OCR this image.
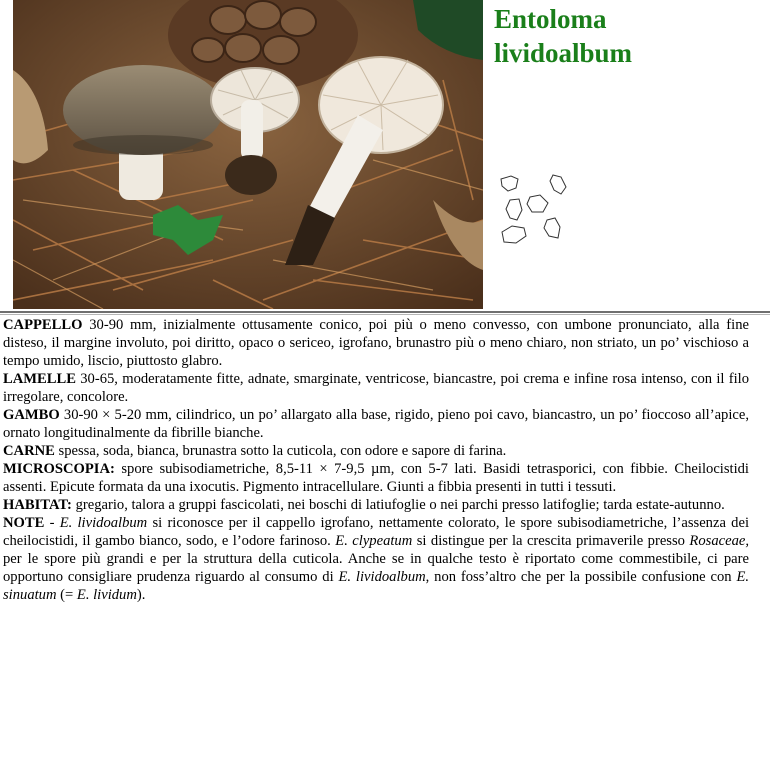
Entoloma
lividoalbum

CAPPELLO 30-90 mm, inizialmente ottusamente conico, poi più o meno convesso, con umbone pronunciato, alla fine disteso, il margine involuto, poi diritto, opaco o sericeo, igrofano, brunastro più o meno chiaro, non striato, un po’ vischioso a tempo umido, liscio, piuttosto glabro.

LAMELLE 30-65, moderatamente fitte, adnate, smarginate, ventricose, biancastre, poi crema e infine rosa intenso, con il filo irregolare, concolore.

GAMBO 30-90 × 5-20 mm, cilindrico, un po’ allargato alla base, rigido, pieno poi cavo, biancastro, un po’ fioccoso all’apice, ornato longitudinalmente da fibrille bianche.

CARNE spessa, soda, bianca, brunastra sotto la cuticola, con odore e sapore di farina.

MICROSCOPIA: spore subisodiametriche, 8,5-11 × 7-9,5 µm, con 5-7 lati. Basidi tetrasporici, con fibbie. Cheilocistidi assenti. Epicute formata da una ixocutis. Pigmento intracellulare. Giunti a fibbia presenti in tutti i tessuti.

HABITAT: gregario, talora a gruppi fascicolati, nei boschi di latiufoglie o nei parchi presso latifoglie; tarda estate-autunno.

NOTE - E. lividoalbum si riconosce per il cappello igrofano, nettamente colorato, le spore subisodiametriche, l’assenza dei cheilocistidi, il gambo bianco, sodo, e l’odore farinoso. E. clypeatum si distingue per la crescita primaverile presso Rosaceae, per le spore più grandi e per la struttura della cuticola. Anche se in qualche testo è riportato come commestibile, ci pare opportuno consigliare prudenza riguardo al consumo di E. lividoalbum, non foss’altro che per la possibile confusione con E. sinuatum (= E. lividum).
